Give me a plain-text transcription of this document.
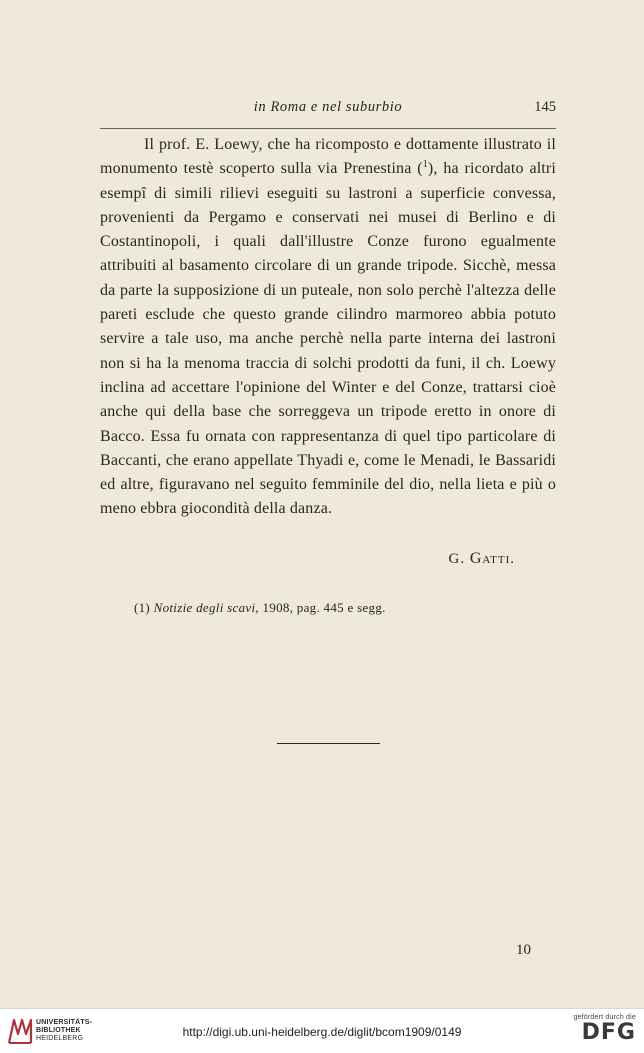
in Roma e nel suburbio	145

Il prof. E. Loewy, che ha ricomposto e dottamente illustrato il monumento testè scoperto sulla via Prenestina ($^1$), ha ricordato altri esempî di simili rilievi eseguiti su lastroni a superficie convessa, provenienti da Pergamo e conservati nei musei di Berlino e di Costantinopoli, i quali dall'illustre Conze furono egualmente attribuiti al basamento circolare di un grande tripode. Sicchè, messa da parte la supposizione di un puteale, non solo perchè l'altezza delle pareti esclude che questo grande cilindro marmoreo abbia potuto servire a tale uso, ma anche perchè nella parte interna dei lastroni non si ha la menoma traccia di solchi prodotti da funi, il ch. Loewy inclina ad accettare l'opinione del Winter e del Conze, trattarsi cioè anche qui della base che sorreggeva un tripode eretto in onore di Bacco. Essa fu ornata con rappresentanza di quel tipo particolare di Baccanti, che erano appellate Thyadi e, come le Menadi, le Bassaridi ed altre, figuravano nel seguito femminile del dio, nella lieta e più o meno ebbra giocondità della danza.

G. Gatti.
(1) Notizie degli scavi, 1908, pag. 445 e segg.
10
UNIVERSITÄTS-
BIBLIOTHEK
HEIDELBERG	http://digi.ub.uni-heidelberg.de/diglit/bcom1909/0149
gefördert durch die
DFG
